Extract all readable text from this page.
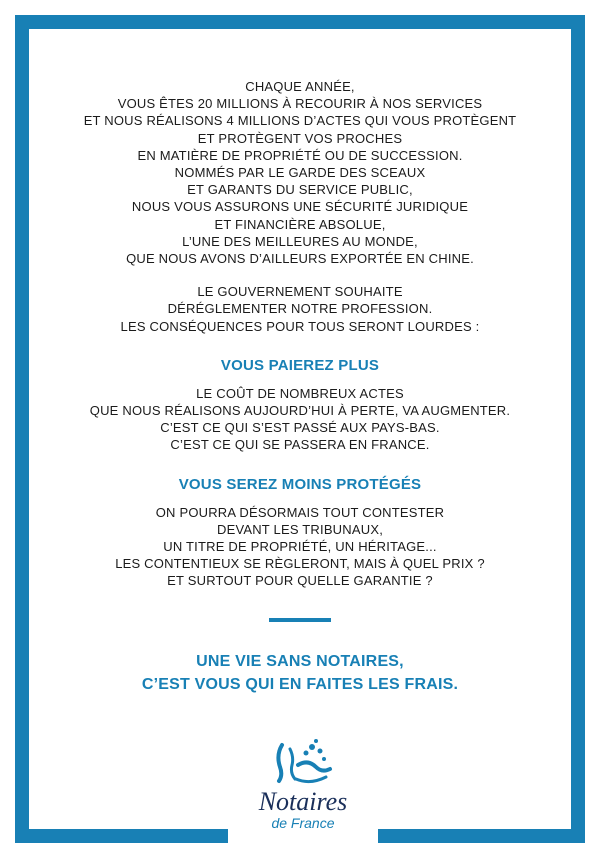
CHAQUE ANNÉE,
VOUS ÊTES 20 MILLIONS À RECOURIR À NOS SERVICES
ET NOUS RÉALISONS 4 MILLIONS D’ACTES QUI VOUS PROTÈGENT
ET PROTÈGENT VOS PROCHES
EN MATIÈRE DE PROPRIÉTÉ OU DE SUCCESSION.
NOMMÉS PAR LE GARDE DES SCEAUX
ET GARANTS DU SERVICE PUBLIC,
NOUS VOUS ASSURONS UNE SÉCURITÉ JURIDIQUE
ET FINANCIÈRE ABSOLUE,
L’UNE DES MEILLEURES AU MONDE,
QUE NOUS AVONS D’AILLEURS EXPORTÉE EN CHINE.

LE GOUVERNEMENT SOUHAITE
DÉRÉGLEMENTER NOTRE PROFESSION.
LES CONSÉQUENCES POUR TOUS SERONT LOURDES :

VOUS PAIEREZ PLUS

LE COÛT DE NOMBREUX ACTES
QUE NOUS RÉALISONS AUJOURD’HUI À PERTE, VA AUGMENTER.
C’EST CE QUI S’EST PASSÉ AUX PAYS-BAS.
C’EST CE QUI SE PASSERA EN FRANCE.

VOUS SEREZ MOINS PROTÉGÉS

ON POURRA DÉSORMAIS TOUT CONTESTER
DEVANT LES TRIBUNAUX,
UN TITRE DE PROPRIÉTÉ, UN HÉRITAGE...
LES CONTENTIEUX SE RÈGLERONT, MAIS À QUEL PRIX ?
ET SURTOUT POUR QUELLE GARANTIE ?

UNE VIE SANS NOTAIRES,
C’EST VOUS QUI EN FAITES LES FRAIS.
Notaires
de France
